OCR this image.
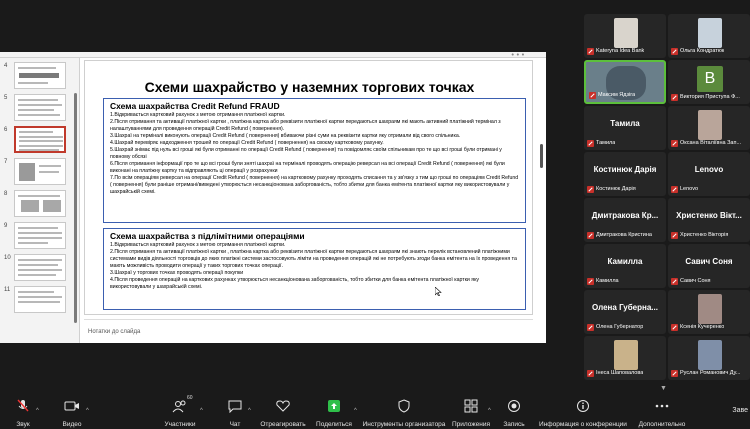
•••
4
5
6
7
8
9
10
11
Схеми шахрайство у наземних торгових точках
Схема шахрайства Credit Refund FRAUD

1.Відкривається картковий рахунок з метою отримання платіжної картки.

2.Після отримання та активації платіжної картки , платіжна картка або реквізити платіжної картки передаються шахраям які мають активний платіжний термінал з налаштуваннями для проведення операцій Credit Refund ( повернення).

3.Шахраї на терміналі виконують операції Credit Refund ( повернення) вбиваючи різні суми на реквізити картки яку отримали від свого спільника.

4.Шахрай перевіряє надходження трошей по операції Credit Refund ( повернення) на своєму картковому рахунку.

5.Шахрай знімає під нуль всі гроші які були отриманні по операції Credit Refund ( повернення) та повідомляє своїм спільникам про те що всі гроші були отримані у повному обсязі

6.Після отримання інформації про те що всі гроші були зняті шахраї на терміналі проводять операцію реверсал на всі операції Credit Refund ( повернення) які були виконані на платіжну картку та відправляють ці операції у розрахунки

7.По всім операціям реверсал на операції Credit Refund ( повернення) на картковому рахунку проходять списання та у зв'язку з тим що гроші по операціям Credit Refund ( повернення) були раніше отримані/виведені утворюється несанкціонована заборгованість, тобто збитки для банка емітента платіжної картки яку використовували у шахрайській схемі.

Схема шахрайства з підлімітними операціями

1.Відкривається картковий рахунок з метою отримання платіжної картки.

2.Після отримання та активації платіжної картки , платіжна картка або реквізити платіжної картки передаються шахраям які знають перелік встановлений платіжними системами видів діяльності торговців до яких платіжні системи застосовують ліміти на проведення операцій які не потребують згоди банка емітента на їх проведення та мають можливість проводити операції у таких торгових точках операції.

3.Шахраї у торгових точках проводять операції покупки

4.Після проведення операцій на карткових рахунках утворюється несанкціонована заборгованість, тобто збитки для банка емітента платіжної картки яку використовували у шахрайській схемі.

Нотатки до слайда
Kateryna Idea Bank	Ольга Кондратюк
Максим Ядзіга
B
Виктория Приступа Ф...
Тамила
Тамила	Оксана Віталіївна Зап...
Костинюк Дарія
Костинюк Дарія
Lenovo
Lenovo
Дмитракова Кр...
Дмитракова Кристина
Христенко Вікт...
Христенко Вікторія
Камилла
Камилла
Савич Соня
Савич Соня
Олена Губерна...
Олена Губернатор	Ксенія Кучеренко
Інеса Шаповалова	Руслан Романович Ду...
▼
Звук
^
Видео
^
60
Участники
^
Чат
^
Отреагировать	Поделиться
^
Инструменты организатора	Приложения
^
Запись	Информация о конференции	Дополнительно
Заве
